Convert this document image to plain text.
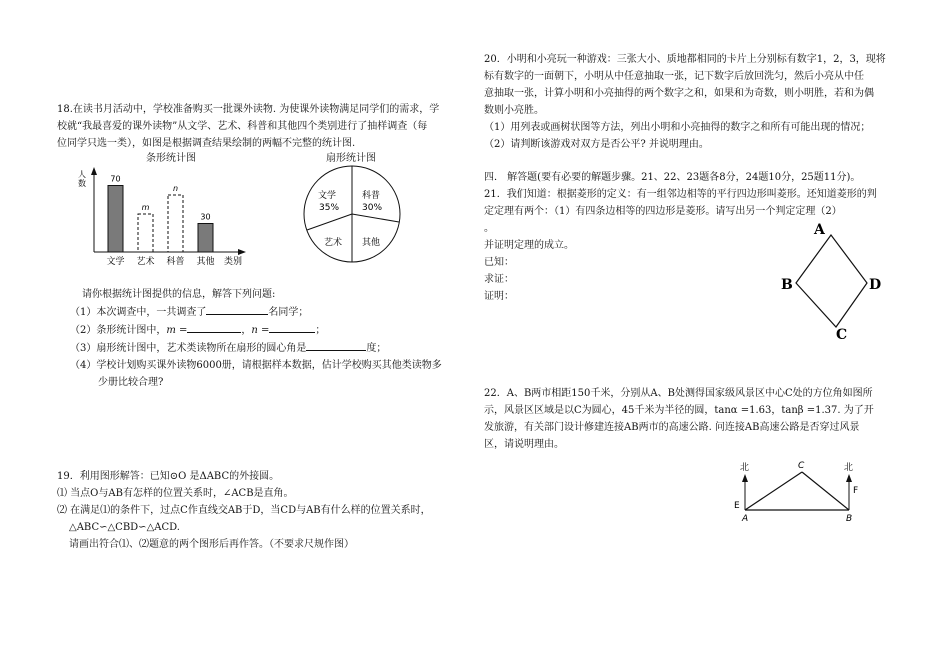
18.在读书月活动中，学校准备购买一批课外读物. 为使课外读物满足同学们的需求，学
校就“我最喜爱的课外读物”从文学、艺术、科普和其他四个类别进行了抽样调查（每
位同学只选一类），如图是根据调查结果绘制的两幅不完整的统计图.
条形统计图	扇形统计图
人
数	70
文学
m
艺术
n
科普
30
其他 类别
文学
35%
科普
30%
艺术 其他
请你根据统计图提供的信息，解答下列问题:
（1）本次调查中，一共调查了	名同学；
（2）条形统计图中，m =	，n =	；
（3）扇形统计图中，艺术类读物所在扇形的圆心角是	度；
（4）学校计划购买课外读物6000册，请根据样本数据，估计学校购买其他类读物多
少册比较合理?
19．利用图形解答：已知⊙O 是ΔABC的外接圆。
⑴ 当点O与AB有怎样的位置关系时，∠ACB是直角。
⑵ 在满足⑴的条件下，过点C作直线交AB于D，当CD与AB有什么样的位置关系时，
△ABC∽△CBD∽△ACD.
请画出符合⑴、⑵题意的两个图形后再作答。（不要求尺规作图）
20．小明和小亮玩一种游戏：三张大小、质地都相同的卡片上分别标有数字1，2，3，现将
标有数字的一面朝下，小明从中任意抽取一张，记下数字后放回洗匀，然后小亮从中任
意抽取一张，计算小明和小亮抽得的两个数字之和，如果和为奇数，则小明胜，若和为偶
数则小亮胜。
（1）用列表或画树状图等方法，列出小明和小亮抽得的数字之和所有可能出现的情况；
（2）请判断该游戏对双方是否公平? 并说明理由。
四． 解答题(要有必要的解题步骤。21、22、23题各8分，24题10分，25题11分)。
21．我们知道：根据菱形的定义：有一组邻边相等的平行四边形叫菱形。还知道菱形的判
定定理有两个：（1）有四条边相等的四边形是菱形。请写出另一个判定定理（2）
。
并证明定理的成立。
已知：
求证：
证明：
A
B	D
C
22．A、B两市相距150千米，分别从A、B处测得国家级风景区中心C处的方位角如图所
示，风景区区域是以C为圆心，45千米为半径的圆，tanα =1.63，tanβ =1.37. 为了开
发旅游，有关部门设计修建连接AB两市的高速公路. 问连接AB高速公路是否穿过风景
区，请说明理由。
北	北
C
E
F
A	B
